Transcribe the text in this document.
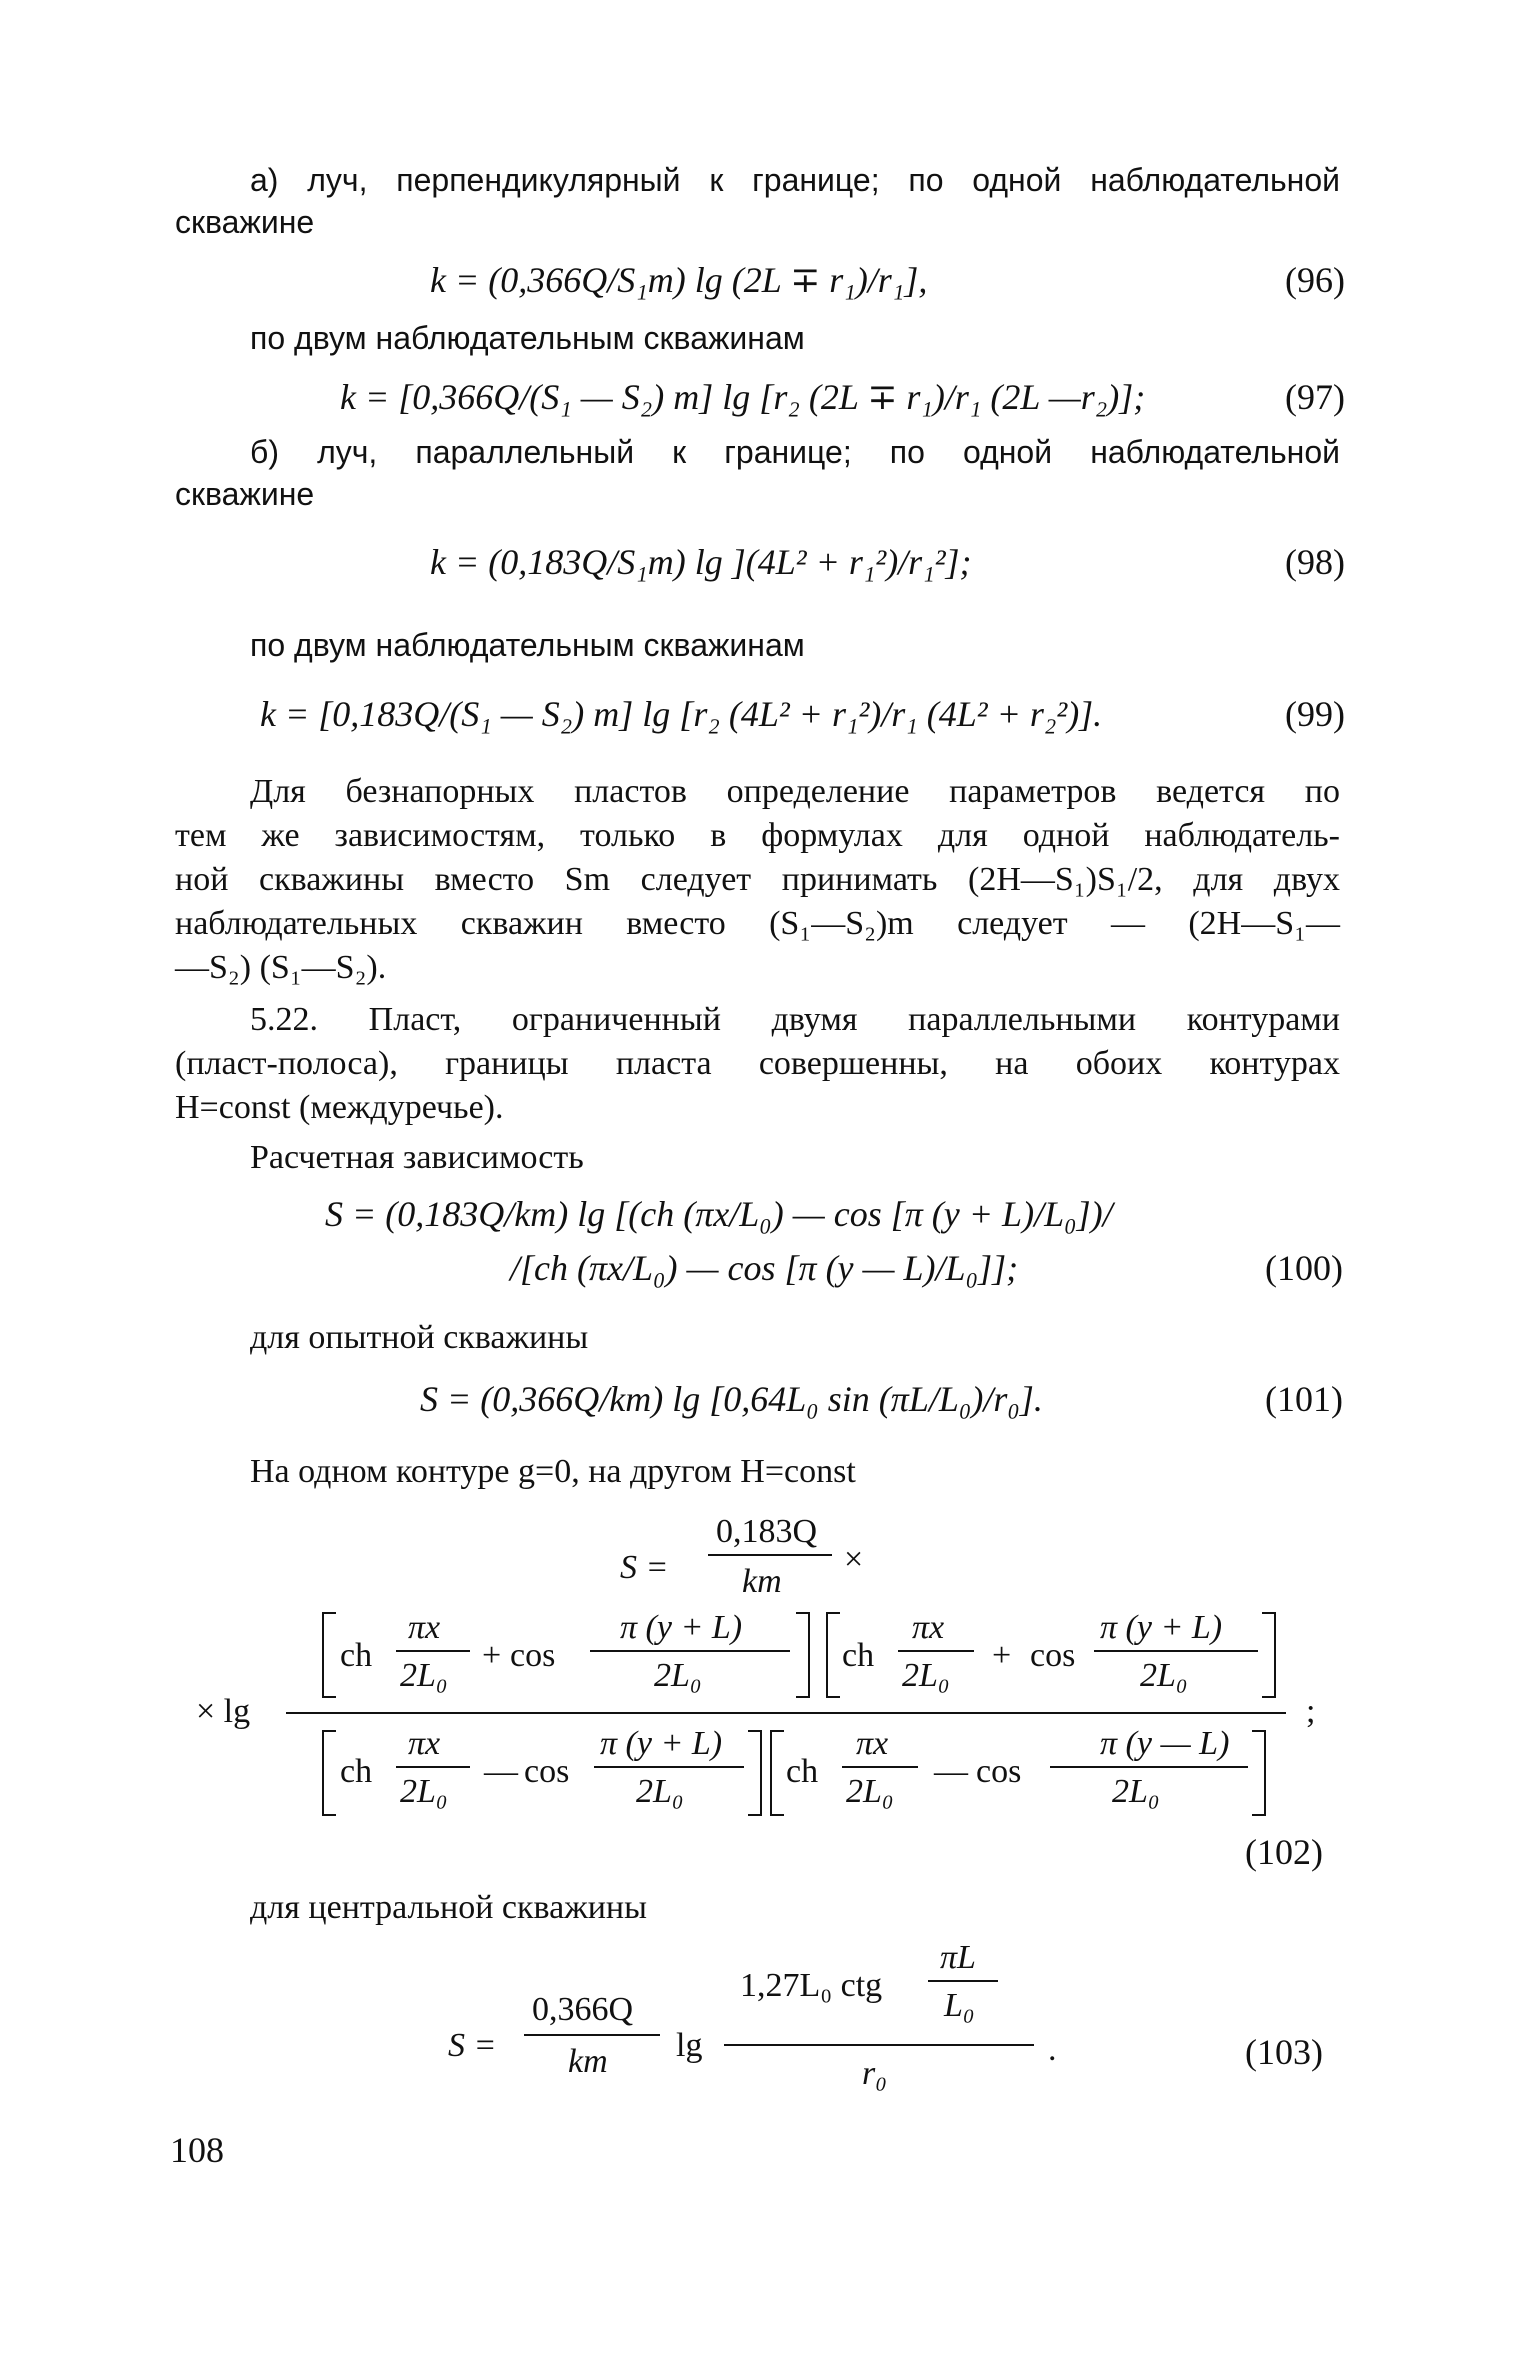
а) луч, перпендикулярный к границе; по одной наблюдательной
скважине
k = (0,366Q/S₁m) lg (2L ∓ r₁)/r₁],	(96)
по двум наблюдательным скважинам
k = [0,366Q/(S₁ — S₂) m] lg [r₂ (2L ∓ r₁)/r₁ (2L —r₂)];	(97)
б) луч, параллельный к границе; по одной наблюдательной
скважине
k = (0,183Q/S₁m) lg ](4L² + r₁²)/r₁²];	(98)
по двум наблюдательным скважинам
k = [0,183Q/(S₁ — S₂) m] lg [r₂ (4L² + r₁²)/r₁ (4L² + r₂²)].	(99)
Для безнапорных пластов определение параметров ведется по
тем же зависимостям, только в формулах для одной наблюдатель-
ной скважины вместо Sm следует принимать (2H—S₁)S₁/2, для двух
наблюдательных скважин вместо (S₁—S₂)m следует — (2H—S₁—
—S₂) (S₁—S₂).
5.22. Пласт, ограниченный двумя параллельными контурами
(пласт-полоса), границы пласта совершенны, на обоих контурах
H=const (междуречье).
Расчетная зависимость
S = (0,183Q/km) lg [(ch (πx/L₀) — cos [π (y + L)/L₀])/
/[ch (πx/L₀) — cos [π (y — L)/L₀]];	(100)
для опытной скважины
S = (0,366Q/km) lg [0,64L₀ sin (πL/L₀)/r₀].	(101)
На одном контуре g=0, на другом H=const
S =
0,183Q
km
×
× lg
ch
πx
2L₀
+ cos
π (y + L)
2L₀
ch
πx
2L₀
+ cos
π (y + L)
2L₀
ch
πx
2L₀
— cos
π (y + L)
2L₀
ch
πx
2L₀
— cos
π (y — L)
2L₀
;
(102)
для центральной скважины
S =
0,366Q
km lg
1,27L₀ ctg
πL
L₀
r₀
.	(103)
108
